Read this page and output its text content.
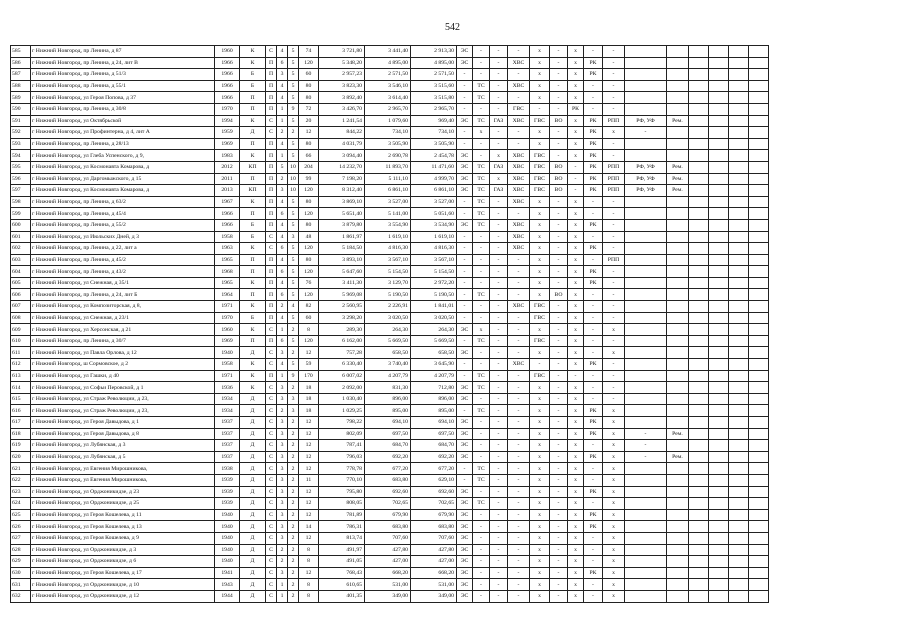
542
585	г Нижний Новгород, пр Ленина, д 87	1960	К	С	4	5	74	3 721,80	3 441,40	2 913,30	ЭС	-	-	-	х	-	х	-	-						
586	г Нижний Новгород, пр Ленина, д 24, лит В	1966	К	П	6	5	120	5 348,20	4 895,00	4 895,00	ЭС	-	-	ХВС	х	-	х	РК	-						
587	г Нижний Новгород, пр Ленина, д 51/3	1966	Б	П	3	5	60	2 957,23	2 571,50	2 571,50	-	-	-	-	х	-	х	РК	-						
588	г Нижний Новгород, пр Ленина, д 55/1	1966	Б	П	4	5	80	3 823,30	3 546,10	3 515,60	-	ТС	-	ХВС	х	-	х	-	-						
589	г Нижний Новгород, ул Героя Попова, д 37	1966	П	П	4	5	80	3 892,40	3 614,40	3 515,80	-	ТС	-	-	х	-	х	-	-						
590	г Нижний Новгород, пр Ленина, д 30/8	1970	П	П	1	9	72	3 426,70	2 965,70	2 965,70	-	-	-	ГВС	-	-	РК	-	-						
591	г Нижний Новгород, ул Октябрьской	1994	К	С	1	5	20	1 241,54	1 079,60	969,40	ЭС	ТС	ГАЗ	ХВС	ГВС	ВО	х	РК	РПП	РФ, УФ	Рем.				
592	г Нижний Новгород, ул Профинтерна, д 4, лит А	1959	Д	С	2	2	12	844,22	734,10	734,10	-	х	-	-	х	-	х	РК	х	-					
593	г Нижний Новгород, пр Ленина, д 28/13	1969	П	П	4	5	80	4 031,79	3 505,90	3 505,90	-	-	-	-	х	-	х	РК	-						
594	г Нижний Новгород, ул Глеба Успенского, д 9,	1983	К	П	1	5	66	3 094,40	2 690,78	2 454,78	ЭС	-	х	ХВС	ГВС	-	х	РК	-						
595	г Нижний Новгород, ул Космонавта Комарова, д	2012	КП	П	5	10	204	14 232,70	11 893,70	11 471,60	ЭС	ТС	ГАЗ	ХВС	ГВС	ВО	-	РК	РПП	РФ, УФ	Рем.				
596	г Нижний Новгород, ул Даргомыжского, д 15	2011	П	П	2	10	99	7 198,20	5 111,10	4 999,70	ЭС	ТС	х	ХВС	ГВС	ВО	-	РК	РПП	РФ, УФ	Рем.				
597	г Нижний Новгород, ул Космонавта Комарова, д	2013	КП	П	3	10	120	8 312,40	6 861,10	6 861,10	ЭС	ТС	ГАЗ	ХВС	ГВС	ВО	-	РК	РПП	РФ, УФ	Рем.				
598	г Нижний Новгород, пр Ленина, д 63/2	1967	К	П	4	5	80	3 869,10	3 527,00	3 527,00	-	ТС	-	ХВС	х	-	х	-	-						
599	г Нижний Новгород, пр Ленина, д 45/4	1966	П	П	6	5	120	5 651,40	5 141,00	5 051,60	-	ТС	-	-	х	-	х	-	-						
600	г Нижний Новгород, пр Ленина, д 55/2	1966	Б	П	4	5	80	3 879,80	3 554,90	3 534,90	ЭС	ТС	-	ХВС	х	-	х	РК	-						
601	г Нижний Новгород, ул Июльских Дней, д 3	1958	Б	С	4	3	48	1 861,97	1 619,10	1 619,10	-	-	-	ХВС	х	-	х	-	-						
602	г Нижний Новгород, пр Ленина, д 22, лит а	1963	К	С	6	5	120	5 184,50	4 816,30	4 816,30	-	-	-	ХВС	х	-	х	РК	-						
603	г Нижний Новгород, пр Ленина, д 45/2	1965	П	П	4	5	80	3 893,10	3 567,10	3 567,10	-	-	-	-	х	-	х	-	РПП						
604	г Нижний Новгород, пр Ленина, д 43/2	1968	П	П	6	5	120	5 647,60	5 154,50	5 154,50	-	-	-	-	х	-	х	РК	-						
605	г Нижний Новгород, ул Снежная, д 35/1	1965	К	П	4	5	76	3 411,30	3 129,70	2 972,20	-	-	-	-	х	-	х	РК	-						
606	г Нижний Новгород, пр Ленина, д 24, лит Б	1964	П	П	6	5	120	5 969,08	5 190,50	5 190,50	-	ТС	-	-	х	ВО	х	-	-						
607	г Нижний Новгород, ул Композиторская, д 8,	1971	К	П	2	4	82	2 560,95	2 226,91	1 841,01	-	-	-	ХВС	ГВС	-	х	-	-						
608	г Нижний Новгород, ул Снежная, д 23/1	1970	Б	П	4	5	60	3 298,20	3 020,50	3 020,50	-	-	-	-	ГВС	-	х	-	-						
609	г Нижний Новгород, ул Херсонская, д 21	1960	К	С	1	2	8	289,30	264,30	264,30	ЭС	х	-	-	х	-	х	-	х						
610	г Нижний Новгород, пр Ленина, д 30/7	1969	П	П	6	5	120	6 162,00	5 669,50	5 669,50	-	ТС	-	-	ГВС	-	х	-	-						
611	г Нижний Новгород, ул Павла Орлова, д 12	1940	Д	С	3	2	12	757,28	658,50	658,50	ЭС	-	-	-	х	-	х	-	х						
612	г Нижний Новгород, ш Сормовское, д 2	1958	К	С	4	5	59	6 330,40	3 740,40	3 645,90	-	-	-	ХВС	-	-	х	РК	-						
613	г Нижний Новгород, ул Гашки, д 40	1971	К	П	1	9	170	6 007,02	4 207,79	4 207,79	-	ТС	-	-	ГВС	-	-	-	-						
614	г Нижний Новгород, ул Софьи Перовской, д 1	1936	К	С	3	2	18	2 092,00	831,30	712,80	ЭС	ТС	-	-	х	-	х	-	-						
615	г Нижний Новгород, ул Страж Революции, д 23,	1934	Д	С	3	3	18	1 030,40	896,00	896,00	ЭС	-	-	-	х	-	х	-	-						
616	г Нижний Новгород, ул Страж Революции, д 23,	1934	Д	С	2	3	18	1 029,25	895,00	895,00	-	ТС	-	-	х	-	х	РК	х						
617	г Нижний Новгород, ул Героя Давыдова, д 1	1937	Д	С	3	2	12	798,22	694,10	694,10	ЭС	-	-	-	х	-	х	РК	х						
618	г Нижний Новгород, ул Героя Давыдова, д 8	1937	Д	С	3	2	12	802,09	697,50	697,50	ЭС	-	-	-	х	-	х	РК	х	-	Рем.				
619	г Нижний Новгород, ул Лубянская, д 3	1937	Д	С	3	2	12	787,41	684,70	684,70	ЭС	-	-	-	х	-	х	-	х	-					
620	г Нижний Новгород, ул Лубянская, д 5	1937	Д	С	3	2	12	796,03	692,20	692,20	ЭС	-	-	-	х	-	х	РК	х	-	Рем.				
621	г Нижний Новгород, ул Евгения Мирошникова,	1938	Д	С	3	2	12	778,78	677,20	677,20	-	ТС	-	-	х	-	х	-	х						
622	г Нижний Новгород, ул Евгения Мирошникова,	1939	Д	С	3	2	11	770,10	683,80	629,10	-	ТС	-	-	х	-	х	-	х						
623	г Нижний Новгород, ул Орджоникидзе, д 23	1939	Д	С	3	2	12	795,80	692,60	692,60	ЭС	-	-	-	х	-	х	РК	х						
624	г Нижний Новгород, ул Орджоникидзе, д 25	1939	Д	С	3	2	12	808,05	702,65	702,65	ЭС	ТС	-	-	х	-	х	-	х						
625	г Нижний Новгород, ул Героя Кошелева, д 11	1940	Д	С	3	2	12	781,89	679,90	679,90	ЭС	-	-	-	х	-	х	РК	х						
626	г Нижний Новгород, ул Героя Кошелева, д 13	1940	Д	С	3	2	14	786,31	683,80	683,80	ЭС	-	-	-	х	-	х	РК	х						
627	г Нижний Новгород, ул Героя Кошелева, д 9	1940	Д	С	3	2	12	813,74	707,60	707,60	ЭС	-	-	-	х	-	х	-	х						
628	г Нижний Новгород, ул Орджоникидзе, д 3	1940	Д	С	2	2	8	491,97	427,80	427,80	ЭС	-	-	-	х	-	х	-	х						
629	г Нижний Новгород, ул Орджоникидзе, д 6	1940	Д	С	2	2	8	491,05	427,00	427,00	ЭС	-	-	-	х	-	х	-	х						
630	г Нижний Новгород, ул Героя Кошелева, д 17	1941	Д	С	3	2	12	768,43	668,20	668,20	ЭС	-	-	-	х	-	х	РК	х						
631	г Нижний Новгород, ул Орджоникидзе, д 10	1943	Д	С	1	2	8	610,65	531,00	531,00	ЭС	-	-	-	х	-	х	-	х						
632	г Нижний Новгород, ул Орджоникидзе, д 12	1944	Д	С	1	2	8	401,35	349,00	349,00	ЭС	-	-	-	х	-	х	-	х						
